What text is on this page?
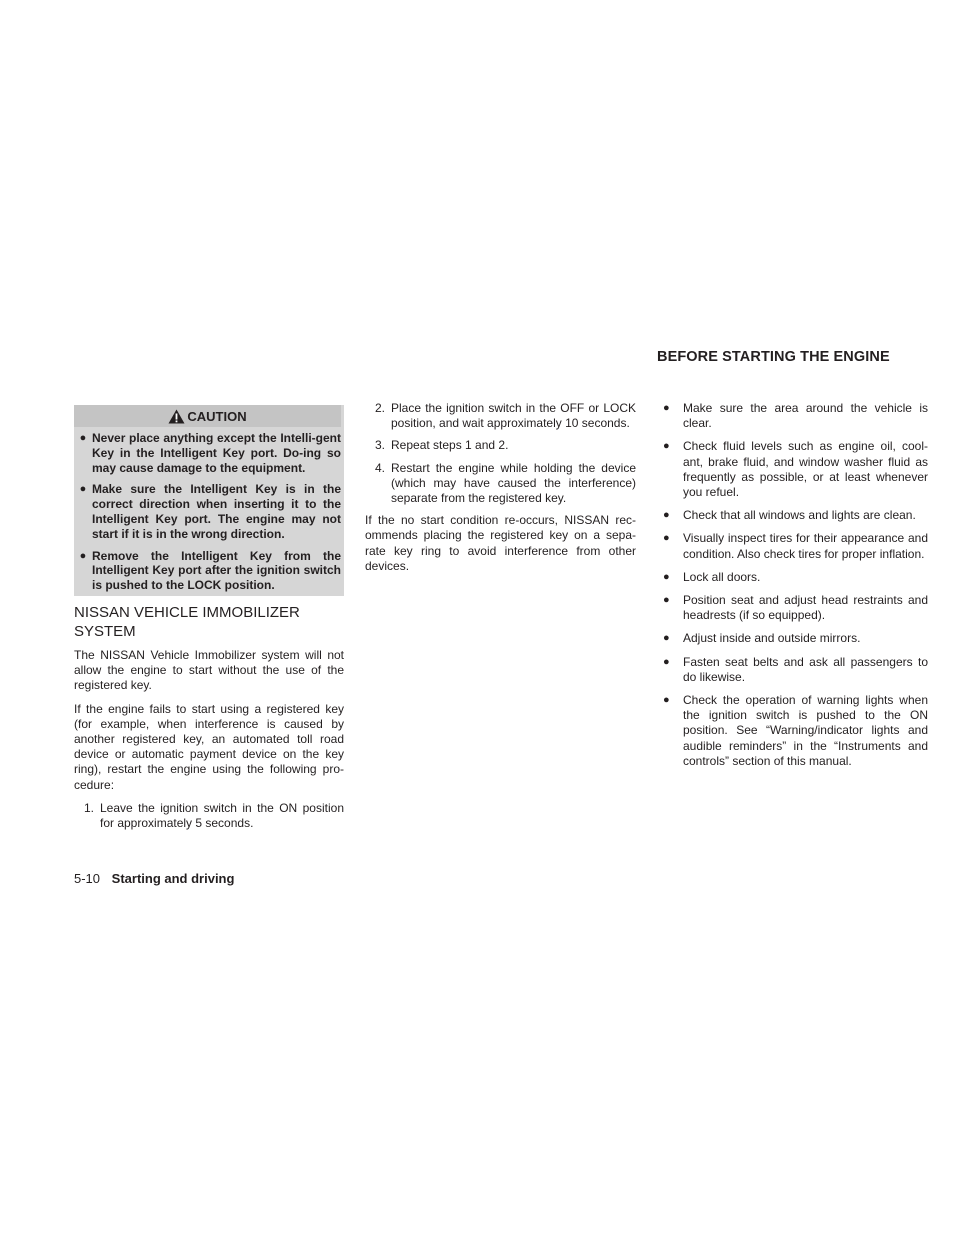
BEFORE STARTING THE ENGINE
CAUTION
● Never place anything except the Intelli-gent Key in the Intelligent Key port. Do-ing so may cause damage to the equipment.

● Make sure the Intelligent Key is in the correct direction when inserting it to the Intelligent Key port. The engine may not start if it is in the wrong direction.

● Remove the Intelligent Key from the Intelligent Key port after the ignition switch is pushed to the LOCK position.

NISSAN VEHICLE IMMOBILIZER SYSTEM

The NISSAN Vehicle Immobilizer system will not allow the engine to start without the use of the registered key.

If the engine fails to start using a registered key (for example, when interference is caused by another registered key, an automated toll road device or automatic payment device on the key ring), restart the engine using the following pro-cedure:

1. Leave the ignition switch in the ON position for approximately 5 seconds.

2. Place the ignition switch in the OFF or LOCK position, and wait approximately 10 seconds.

3. Repeat steps 1 and 2.

4. Restart the engine while holding the device (which may have caused the interference) separate from the registered key.

If the no start condition re-occurs, NISSAN rec-ommends placing the registered key on a sepa-rate key ring to avoid interference from other devices.

●	Make sure the area around the vehicle is clear.

●	Check fluid levels such as engine oil, cool-ant, brake fluid, and window washer fluid as frequently as possible, or at least whenever you refuel.

●	Check that all windows and lights are clean.

●	Visually inspect tires for their appearance and condition. Also check tires for proper inflation.

●	Lock all doors.

●	Position seat and adjust head restraints and headrests (if so equipped).

●	Adjust inside and outside mirrors.

●	Fasten seat belts and ask all passengers to do likewise.

●	Check the operation of warning lights when the ignition switch is pushed to the ON position. See “Warning/indicator lights and audible reminders” in the “Instruments and controls” section of this manual.

5-10 Starting and driving
